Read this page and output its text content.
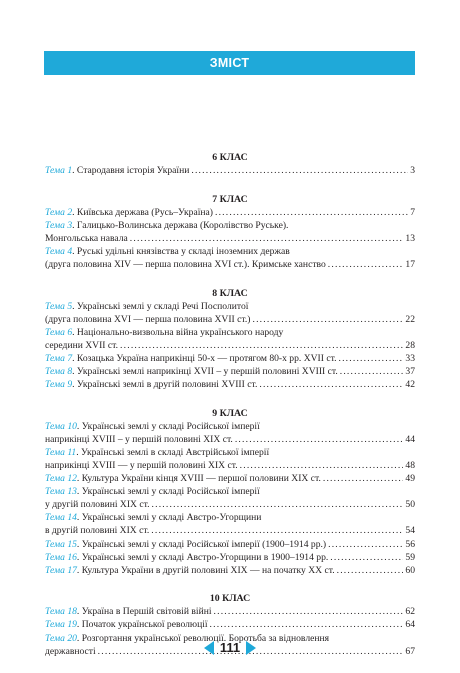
ЗМІСТ
6 КЛАС
Тема 1 . Стародавня історія України . . .	3
7 КЛАС
Тема 2 . Київська держава (Русь–Україна) . . .	7
Тема 3 . Галицько-Волинська держава (Королівство Руське).
Монгольська навала . . .	13
Тема 4 . Руські удільні князівства у складі іноземних держав
(друга половина XIV — перша половина XVI ст.). Кримське ханство . . .	17
8 КЛАС
Тема 5 . Українські землі у складі Речі Посполитої
(друга половина XVI — перша половина XVII ст.) . . .	22
Тема 6 . Національно-визвольна війна українського народу
середини XVII ст. . . .	28
Тема 7 . Козацька Україна наприкінці 50-х — протягом 80-х рр. XVII ст. . . .	33
Тема 8 . Українські землі наприкінці XVII – у першій половині XVIII ст. . . .	37
Тема 9 . Українські землі в другій половині XVIII ст. . . .	42
9 КЛАС
Тема 10 . Українські землі у складі Російської імперії
наприкінці XVIII – у першій половині XIX ст. . . .	44
Тема 11 . Українські землі в складі Австрійської імперії
наприкінці XVIII — у першій половині XIX ст. . . .	48
Тема 12 . Культура України кінця XVIII — першої половини XIX ст. . . .	49
Тема 13 . Українські землі у складі Російської імперії
у другій половині XIX ст. . . .	50
Тема 14 . Українські землі у складі Австро-Угорщини
в другій половині XIX ст. . . .	54
Тема 15 . Українські землі у складі Російської імперії (1900–1914 рр.) . . .	56
Тема 16 . Українські землі у складі Австро-Угорщини в 1900–1914 рр. . . .	59
Тема 17 . Культура України в другій половині XIX — на початку XX ст. . . .	60
10 КЛАС
Тема 18 . Україна в Першій світовій війні . . .	62
Тема 19 . Початок української революції . . .	64
Тема 20 . Розгортання української революції. Боротьба за відновлення
державності . . .	67
111
